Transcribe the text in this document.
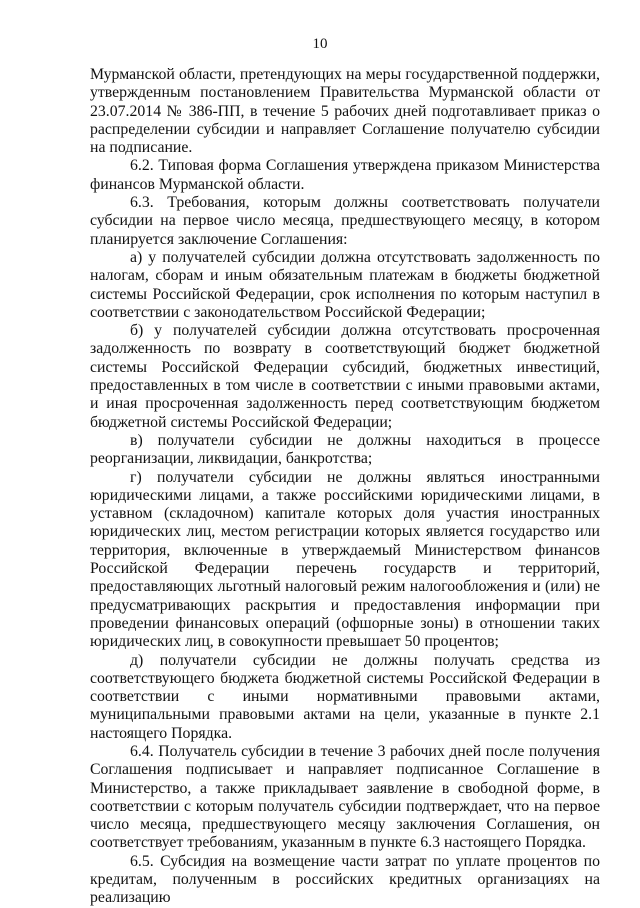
10

Мурманской области, претендующих на меры государственной поддержки, утвержденным постановлением Правительства Мурманской области от 23.07.2014 № 386-ПП, в течение 5 рабочих дней подготавливает приказ о распределении субсидии и направляет Соглашение получателю субсидии на подписание.

6.2. Типовая форма Соглашения утверждена приказом Министерства финансов Мурманской области.

6.3. Требования, которым должны соответствовать получатели субсидии на первое число месяца, предшествующего месяцу, в котором планируется заключение Соглашения:

а) у получателей субсидии должна отсутствовать задолженность по налогам, сборам и иным обязательным платежам в бюджеты бюджетной системы Российской Федерации, срок исполнения по которым наступил в соответствии с законодательством Российской Федерации;

б) у получателей субсидии должна отсутствовать просроченная задолженность по возврату в соответствующий бюджет бюджетной системы Российской Федерации субсидий, бюджетных инвестиций, предоставленных в том числе в соответствии с иными правовыми актами, и иная просроченная задолженность перед соответствующим бюджетом бюджетной системы Российской Федерации;

в) получатели субсидии не должны находиться в процессе реорганизации, ликвидации, банкротства;

г) получатели субсидии не должны являться иностранными юридическими лицами, а также российскими юридическими лицами, в уставном (складочном) капитале которых доля участия иностранных юридических лиц, местом регистрации которых является государство или территория, включенные в утверждаемый Министерством финансов Российской Федерации перечень государств и территорий, предоставляющих льготный налоговый режим налогообложения и (или) не предусматривающих раскрытия и предоставления информации при проведении финансовых операций (офшорные зоны) в отношении таких юридических лиц, в совокупности превышает 50 процентов;

д) получатели субсидии не должны получать средства из соответствующего бюджета бюджетной системы Российской Федерации в соответствии с иными нормативными правовыми актами, муниципальными правовыми актами на цели, указанные в пункте 2.1 настоящего Порядка.

6.4. Получатель субсидии в течение 3 рабочих дней после получения Соглашения подписывает и направляет подписанное Соглашение в Министерство, а также прикладывает заявление в свободной форме, в соответствии с которым получатель субсидии подтверждает, что на первое число месяца, предшествующего месяцу заключения Соглашения, он соответствует требованиям, указанным в пункте 6.3 настоящего Порядка.

6.5. Субсидия на возмещение части затрат по уплате процентов по кредитам, полученным в российских кредитных организациях на реализацию
